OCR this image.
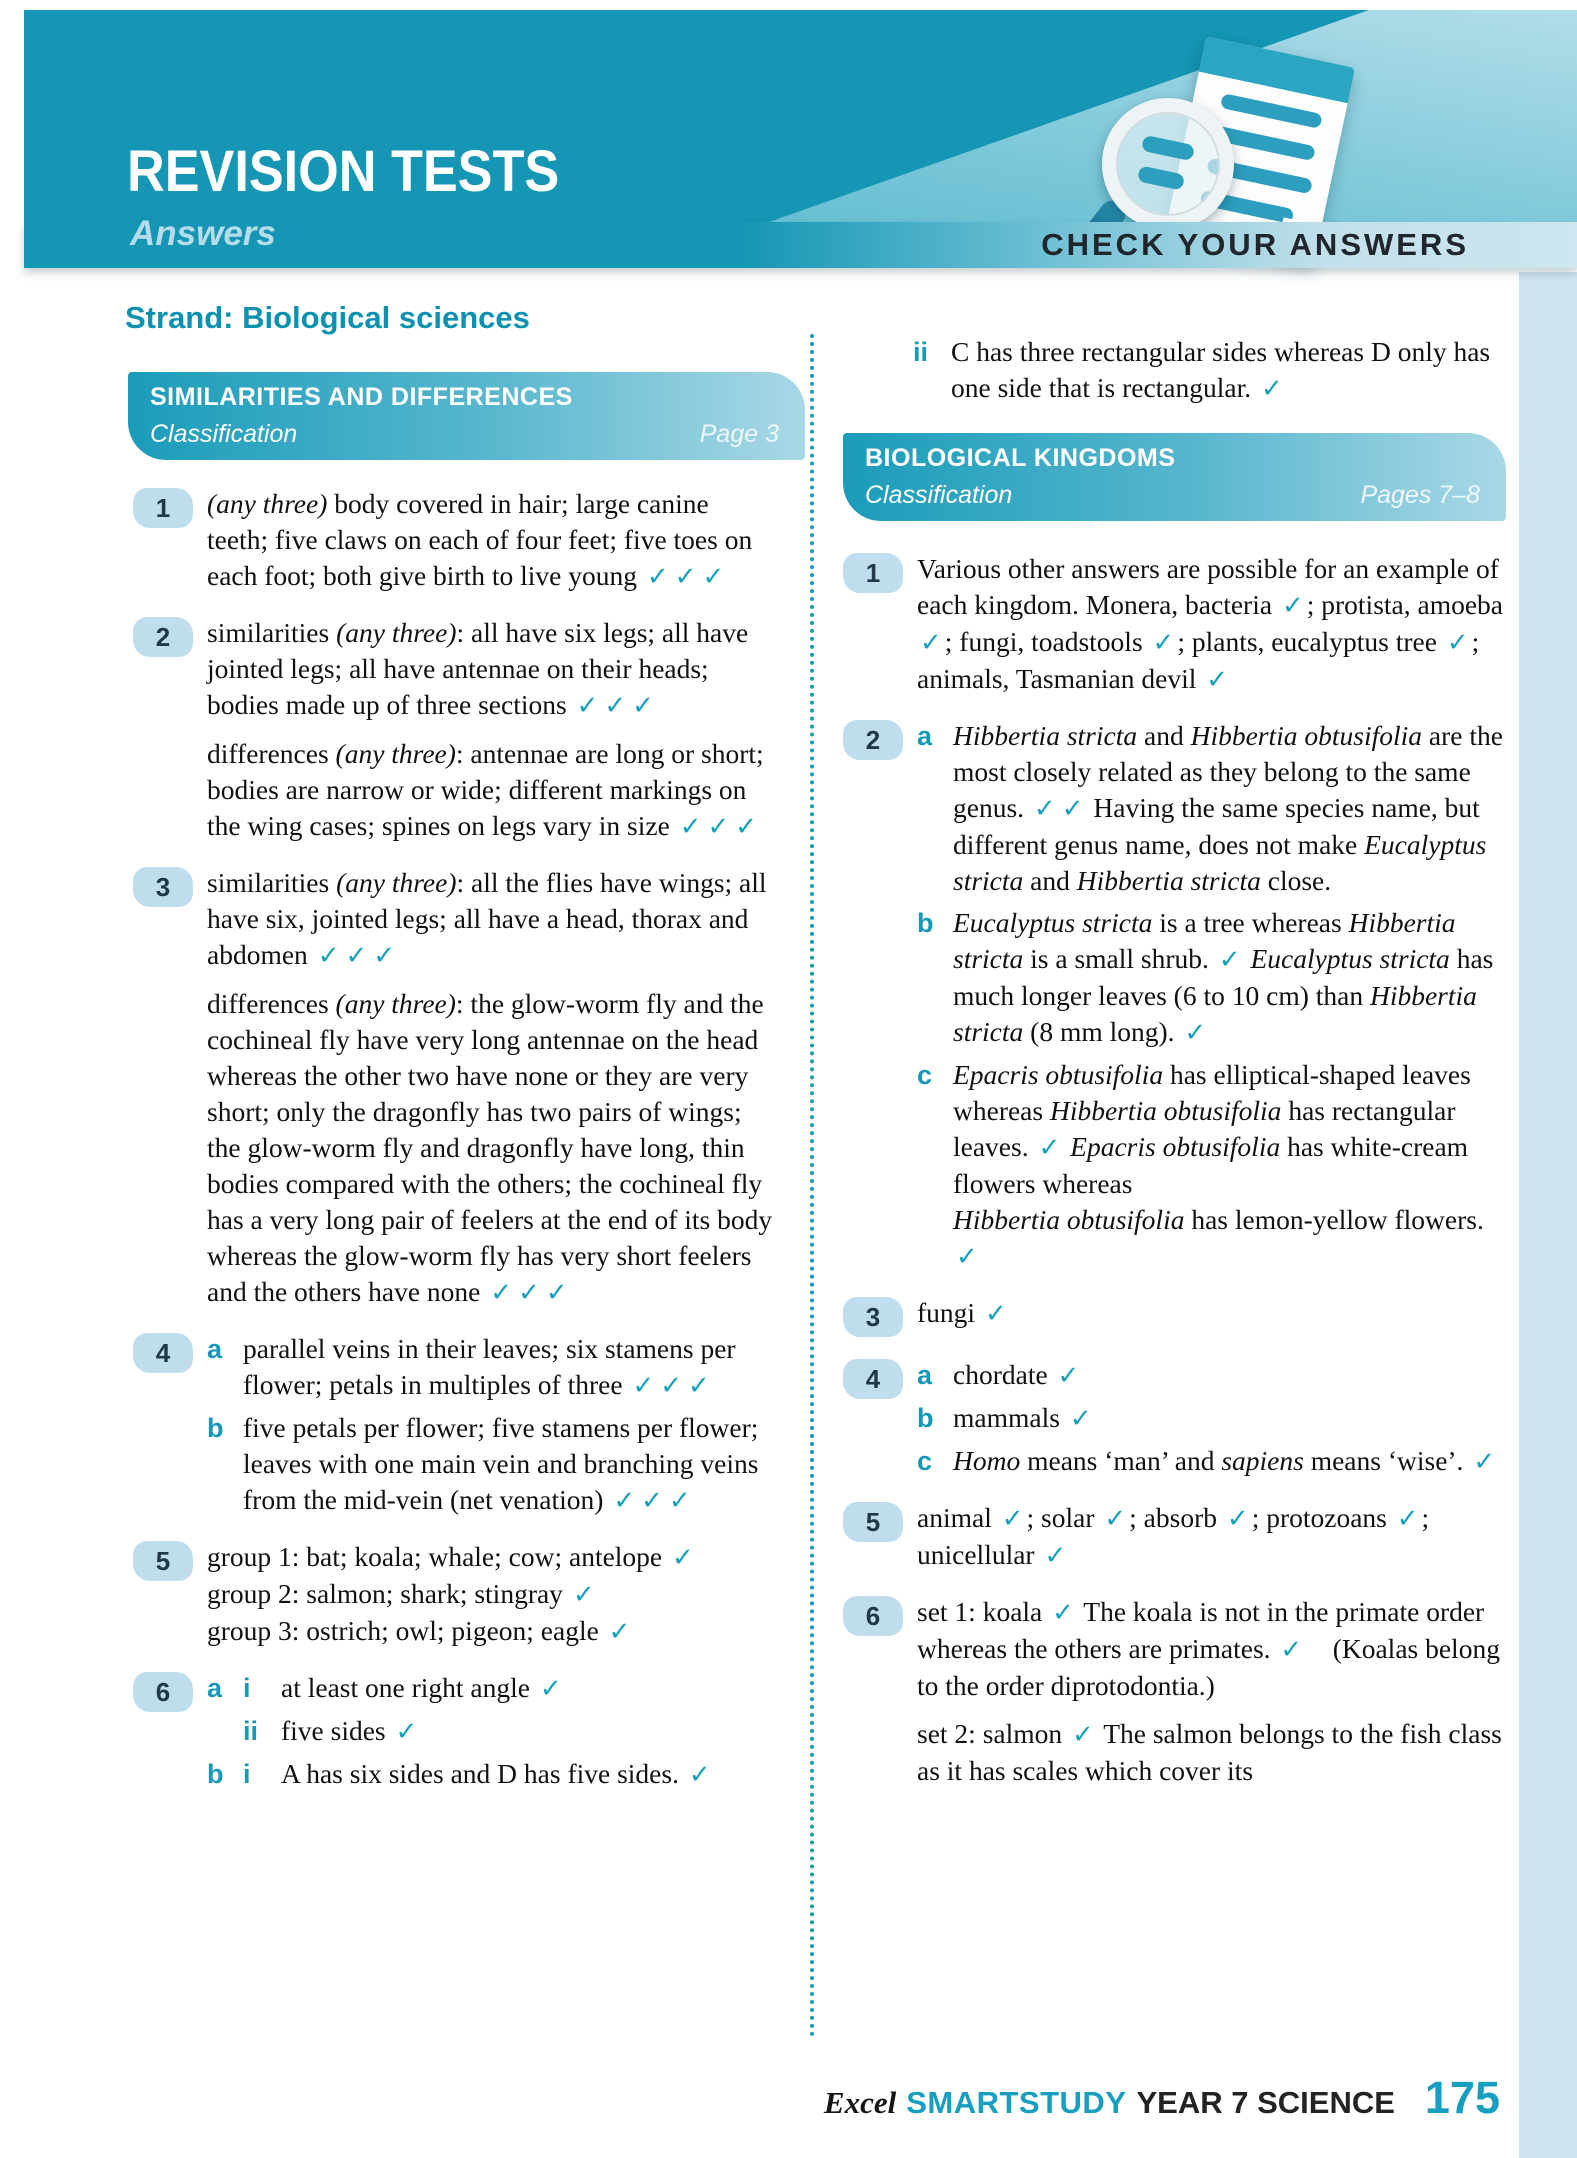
REVISION TESTS
Answers	CHECK YOUR ANSWERS
Strand: Biological sciences
SIMILARITIES AND DIFFERENCES
Classification	Page 3
1	(any three) body covered in hair; large canine teeth; five claws on each of four feet; five toes on each foot; both give birth to live young ✓ ✓ ✓
2	similarities (any three): all have six legs; all have jointed legs; all have antennae on their heads; bodies made up of three sections ✓ ✓ ✓
differences (any three): antennae are long or short; bodies are narrow or wide; different markings on the wing cases; spines on legs vary in size ✓ ✓ ✓
3	similarities (any three): all the flies have wings; all have six, jointed legs; all have a head, thorax and abdomen ✓ ✓ ✓
differences (any three): the glow-worm fly and the cochineal fly have very long antennae on the head whereas the other two have none or they are very short; only the dragonfly has two pairs of wings; the glow-worm fly and dragonfly have long, thin bodies compared with the others; the cochineal fly has a very long pair of feelers at the end of its body whereas the glow-worm fly has very short feelers and the others have none ✓ ✓ ✓
4	a parallel veins in their leaves; six stamens per flower; petals in multiples of three ✓ ✓ ✓
b five petals per flower; five stamens per flower; leaves with one main vein and branching veins from the mid-vein (net venation) ✓ ✓ ✓
5	group 1: bat; koala; whale; cow; antelope ✓
group 2: salmon; shark; stingray ✓
group 3: ostrich; owl; pigeon; eagle ✓
6	a i	at least one right angle ✓
ii five sides ✓
b i	A has six sides and D has five sides. ✓
ii C has three rectangular sides whereas D only has one side that is rectangular. ✓
BIOLOGICAL KINGDOMS
Classification	Pages 7–8
1	Various other answers are possible for an example of each kingdom. Monera, bacteria ✓ ; protista, amoeba ✓ ; fungi, toadstools ✓ ; plants, eucalyptus tree ✓ ; animals, Tasmanian devil ✓
2	a Hibbertia stricta and Hibbertia obtusifolia are the most closely related as they belong to the same genus. ✓ ✓ Having the same species name, but different genus name, does not make Eucalyptus stricta and Hibbertia stricta close.
b Eucalyptus stricta is a tree whereas Hibbertia stricta is a small shrub. ✓ Eucalyptus stricta has much longer leaves (6 to 10 cm) than Hibbertia stricta (8 mm long). ✓
c Epacris obtusifolia has elliptical-shaped leaves whereas Hibbertia obtusifolia has rectangular leaves. ✓ Epacris obtusifolia has white-cream flowers whereas
Hibbertia obtusifolia has lemon-yellow flowers. ✓
3	fungi ✓
4	a chordate ✓
b mammals ✓
c Homo means ‘man’ and sapiens means ‘wise’. ✓
5	animal ✓ ; solar ✓ ; absorb ✓ ; protozoans ✓ ; unicellular ✓
6	set 1: koala ✓ The koala is not in the primate order whereas the others are primates. ✓    (Koalas belong to the order diprotodontia.)
set 2: salmon ✓ The salmon belongs to the fish class as it has scales which cover its
Excel SMARTSTUDY YEAR 7 SCIENCE 175
